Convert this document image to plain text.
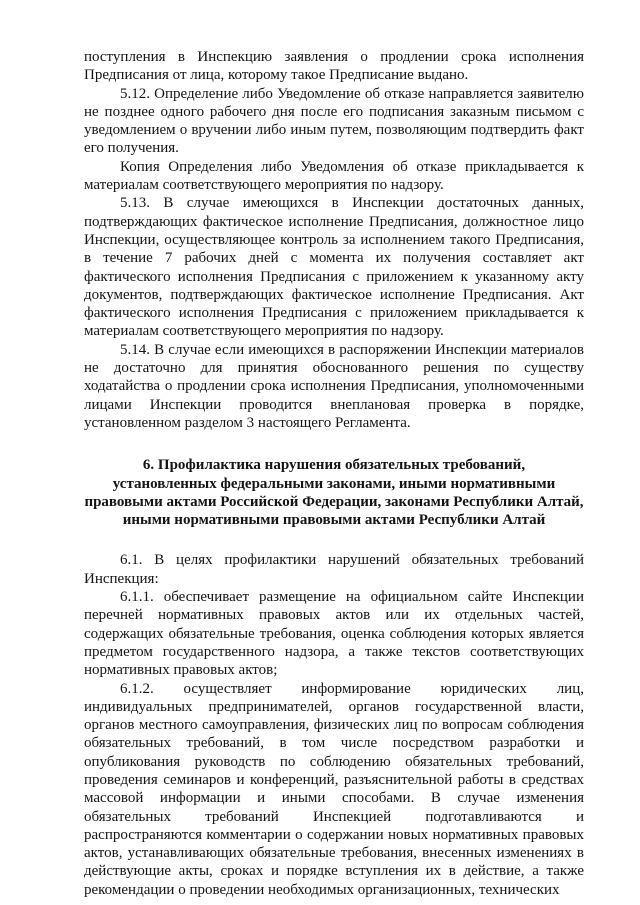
поступления в Инспекцию заявления о продлении срока исполнения Предписания от лица, которому такое Предписание выдано.

5.12. Определение либо Уведомление об отказе направляется заявителю не позднее одного рабочего дня после его подписания заказным письмом с уведомлением о вручении либо иным путем, позволяющим подтвердить факт его получения.

Копия Определения либо Уведомления об отказе прикладывается к материалам соответствующего мероприятия по надзору.

5.13. В случае имеющихся в Инспекции достаточных данных, подтверждающих фактическое исполнение Предписания, должностное лицо Инспекции, осуществляющее контроль за исполнением такого Предписания, в течение 7 рабочих дней с момента их получения составляет акт фактического исполнения Предписания с приложением к указанному акту документов, подтверждающих фактическое исполнение Предписания. Акт фактического исполнения Предписания с приложением прикладывается к материалам соответствующего мероприятия по надзору.

5.14. В случае если имеющихся в распоряжении Инспекции материалов не достаточно для принятия обоснованного решения по существу ходатайства о продлении срока исполнения Предписания, уполномоченными лицами Инспекции проводится внеплановая проверка в порядке, установленном разделом 3 настоящего Регламента.

6. Профилактика нарушения обязательных требований,
установленных федеральными законами, иными нормативными
правовыми актами Российской Федерации, законами Республики Алтай,
иными нормативными правовыми актами Республики Алтай

6.1. В целях профилактики нарушений обязательных требований Инспекция:

6.1.1. обеспечивает размещение на официальном сайте Инспекции перечней нормативных правовых актов или их отдельных частей, содержащих обязательные требования, оценка соблюдения которых является предметом государственного надзора, а также текстов соответствующих нормативных правовых актов;

6.1.2. осуществляет информирование юридических лиц, индивидуальных предпринимателей, органов государственной власти, органов местного самоуправления, физических лиц по вопросам соблюдения обязательных требований, в том числе посредством разработки и опубликования руководств по соблюдению обязательных требований, проведения семинаров и конференций, разъяснительной работы в средствах массовой информации и иными способами. В случае изменения обязательных требований Инспекцией подготавливаются и распространяются комментарии о содержании новых нормативных правовых актов, устанавливающих обязательные требования, внесенных изменениях в действующие акты, сроках и порядке вступления их в действие, а также рекомендации о проведении необходимых организационных, технических
